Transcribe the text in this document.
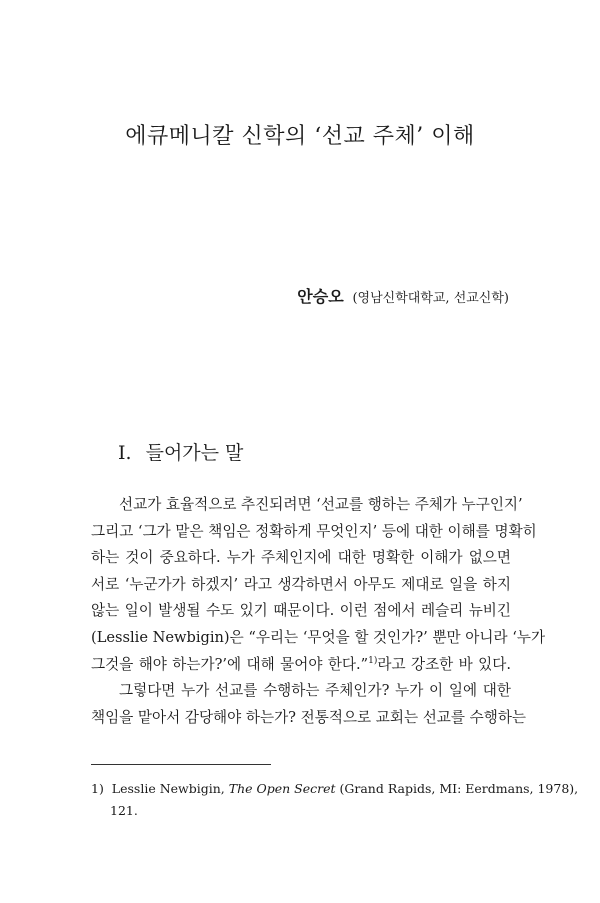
에큐메니칼 신학의 ‘선교 주체’ 이해
안승오 (영남신학대학교, 선교신학)
I. 들어가는 말

선교가 효율적으로 추진되려면 ‘선교를 행하는 주체가 누구인지’
그리고 ‘그가 맡은 책임은 정확하게 무엇인지’ 등에 대한 이해를 명확히
하는 것이 중요하다. 누가 주체인지에 대한 명확한 이해가 없으면
서로 ‘누군가가 하겠지’ 라고 생각하면서 아무도 제대로 일을 하지
않는 일이 발생될 수도 있기 때문이다. 이런 점에서 레슬리 뉴비긴
(Lesslie Newbigin)은 “우리는 ‘무엇을 할 것인가?’ 뿐만 아니라 ‘누가
그것을 해야 하는가?’에 대해 물어야 한다.”$^{1)}$라고 강조한 바 있다.

그렇다면 누가 선교를 수행하는 주체인가? 누가 이 일에 대한
책임을 맡아서 감당해야 하는가? 전통적으로 교회는 선교를 수행하는

1) Lesslie Newbigin, The Open Secret (Grand Rapids, MI: Eerdmans, 1978),
121.
